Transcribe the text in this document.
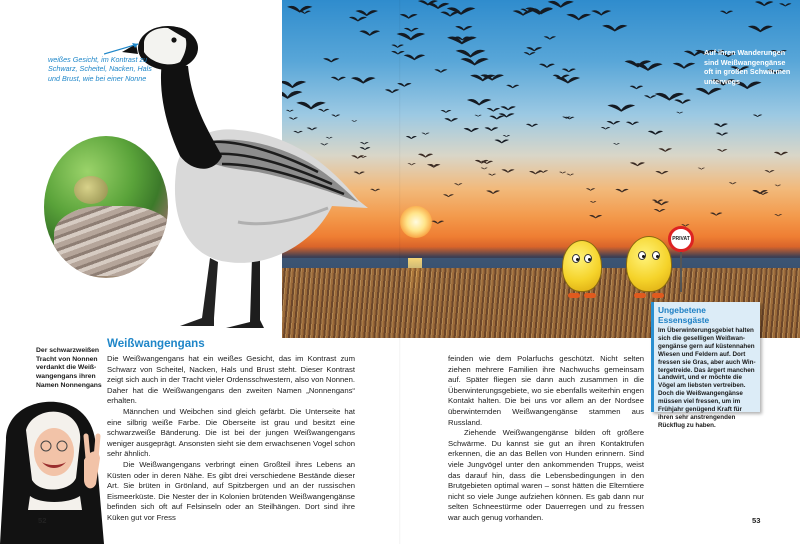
Auf ihren Wanderungen sind Weißwangengänse oft in großen Schwärmen unterwegs
PRIVAT
Ungebetene Essensgäste

Im Überwinterungsgebiet halten sich die geselligen Weißwangengänse gern auf küstennahen Wiesen und Feldern auf. Dort fressen sie Gras, aber auch Wintergetreide. Das ärgert manchen Landwirt, und er möchte die Vögel am liebsten vertreiben. Doch die Weißwangengänse müssen viel fressen, um im Frühjahr genügend Kraft für ihren sehr anstrengenden Rückflug zu haben.

weißes Gesicht, im Kontrast zu Schwarz, Scheitel, Nacken, Hals und Brust, wie bei einer Nonne
Der schwarzweißen Tracht von Nonnen verdankt die Weißwangengans ihren Namen Nonnengans
Weißwangengans

Die Weißwangengans hat ein weißes Gesicht, das im Kontrast zum Schwarz von Scheitel, Nacken, Hals und Brust steht. Dieser Kontrast zeigt sich auch in der Tracht vieler Ordensschwestern, also von Nonnen. Daher hat die Weißwangengans den zweiten Namen „Nonnengans“ erhalten.

Männchen und Weibchen sind gleich gefärbt. Die Unterseite hat eine silbrig weiße Farbe. Die Oberseite ist grau und besitzt eine schwarzweiße Bänderung. Die ist bei der jungen Weißwangengans weniger ausgeprägt. Ansonsten sieht sie dem erwachsenen Vogel schon sehr ähnlich.

Die Weißwangengans verbringt einen Großteil ihres Lebens an Küsten oder in deren Nähe. Es gibt drei verschiedene Bestände dieser Art. Sie brüten in Grönland, auf Spitzbergen und an der russischen Eismeerküste. Die Nester der in Kolonien brütenden Weißwangengänse befinden sich oft auf Felsinseln oder an Steilhängen. Dort sind ihre Küken gut vor Fress

feinden wie dem Polarfuchs geschützt. Nicht selten ziehen mehrere Familien ihre Nachwuchs gemeinsam auf. Später fliegen sie dann auch zusammen in die Überwinterungsgebiete, wo sie ebenfalls weiterhin engen Kontakt halten. Die bei uns vor allem an der Nordsee überwinternden Weißwangengänse stammen aus Russland.

Ziehende Weißwangengänse bilden oft größere Schwärme. Du kannst sie gut an ihren Kontaktrufen erkennen, die an das Bellen von Hunden erinnern. Sind viele Jungvögel unter den ankommenden Trupps, weist das darauf hin, dass die Lebensbedingungen in den Brutgebieten optimal waren – sonst hätten die Elterntiere nicht so viele Junge aufziehen können. Es gab dann nur selten Schneestürme oder Dauerregen und zu fressen war auch genug vorhanden.

52	53
